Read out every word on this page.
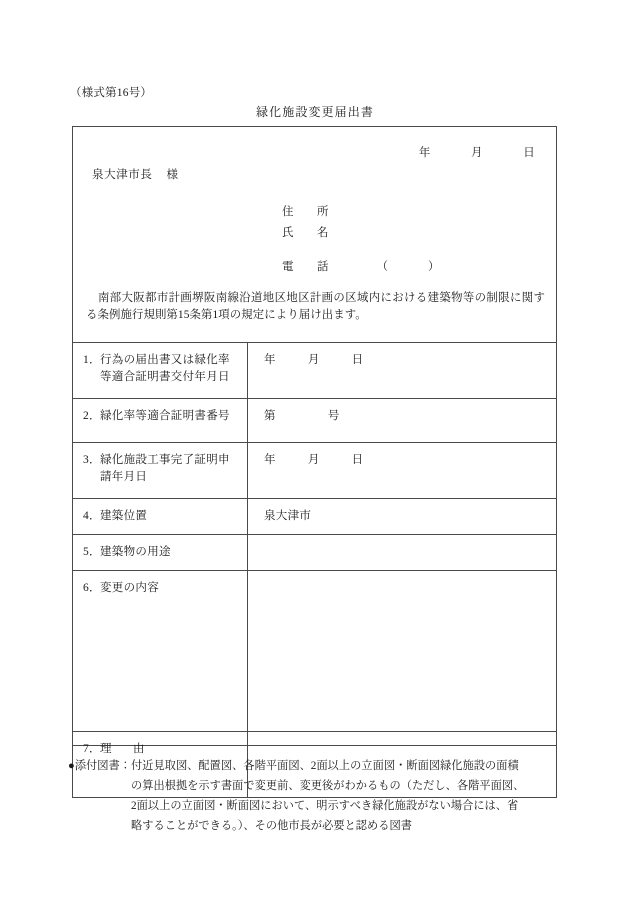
（様式第16号）
緑化施設変更届出書
年	月	日
泉大津市長 様
住　所
氏　名
電　話	（	）
南部大阪都市計画堺阪南線沿道地区地区計画の区域内における建築物等の制限に関する条例施行規則第15条第1項の規定により届け出ます。
1．行為の届出書又は緑化率
等適合証明書交付年月日	年 月 日
2．緑化率等適合証明書番号	第 号
3．緑化施設工事完了証明申
請年月日	年 月 日
4．建築位置	泉大津市
5．建築物の用途	
6．変更の内容	
7．理　由	
●添付図書：付近見取図、配置図、各階平面図、2面以上の立面図・断面図緑化施設の面積
の算出根拠を示す書面で変更前、変更後がわかるもの（ただし、各階平面図、
2面以上の立面図・断面図において、明示すべき緑化施設がない場合には、省
略することができる。）、その他市長が必要と認める図書
